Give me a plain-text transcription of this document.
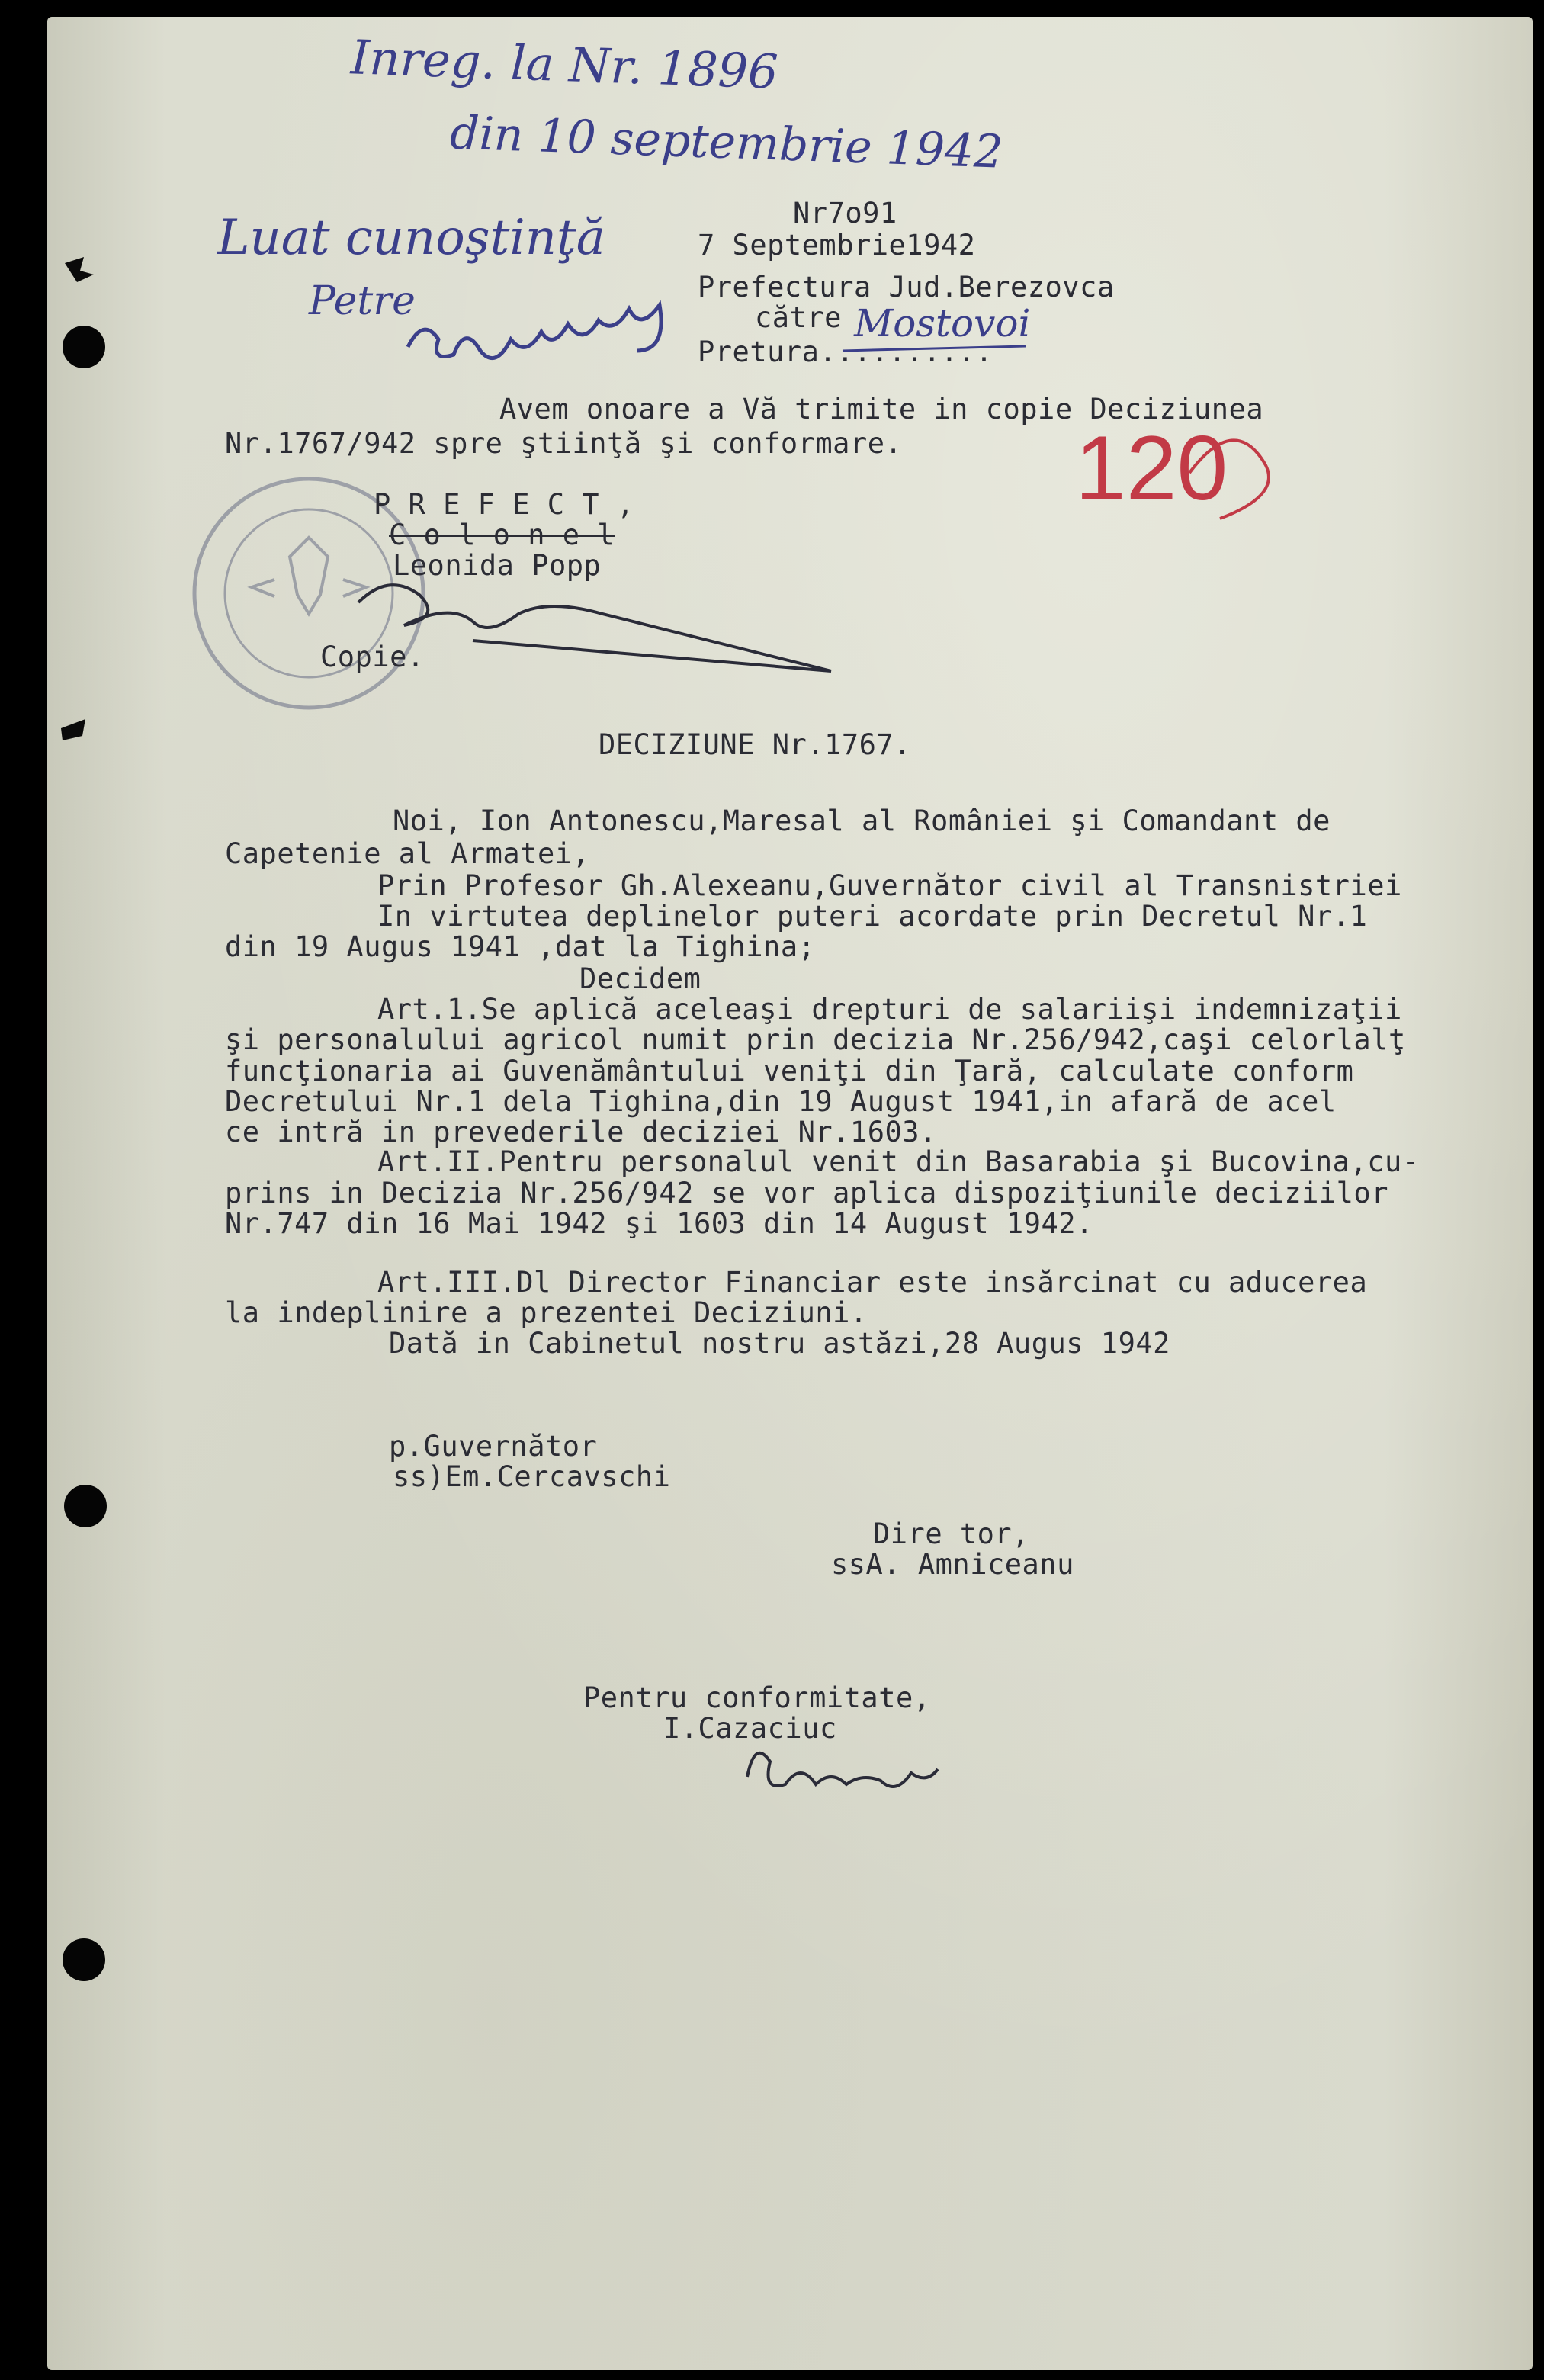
Inreg. la Nr. 1896

din 10 septembrie 1942

Luat cunoştinţă

Petre	Mostovoi

120

Nr7o91

7 Septembrie1942

Prefectura Jud.Berezovca

către

Pretura..........

Avem onoare a Vă trimite in copie Deciziunea

Nr.1767/942 spre ştiinţă şi conformare.

P R E F E C T ,

C o l o n e l

Leonida Popp

Copie.

DECIZIUNE Nr.1767.

Noi, Ion Antonescu,Maresal al României şi Comandant de

Capetenie al Armatei,

Prin Profesor Gh.Alexeanu,Guvernător civil al Transnistriei

In virtutea deplinelor puteri acordate prin Decretul Nr.1

din 19 Augus 1941 ,dat la Tighina;

Decidem

Art.1.Se aplică aceleaşi drepturi de salariişi indemnizaţii

şi personalului agricol numit prin decizia Nr.256/942,caşi celorlalţ

funcţionaria ai Guvenământului veniţi din Ţară, calculate conform

Decretului Nr.1 dela Tighina,din 19 August 1941,in afară de acel

ce intră in prevederile deciziei Nr.1603.

Art.II.Pentru personalul venit din Basarabia şi Bucovina,cu-

prins in Decizia Nr.256/942 se vor aplica dispoziţiunile deciziilor

Nr.747 din 16 Mai 1942 şi 1603 din 14 August 1942.

Art.III.Dl Director Financiar este insărcinat cu aducerea

la indeplinire a prezentei Deciziuni.

Dată in Cabinetul nostru astăzi,28 Augus 1942

p.Guvernător

ss)Em.Cercavschi

Dire tor,

ssA. Amniceanu

Pentru conformitate,

I.Cazaciuc
